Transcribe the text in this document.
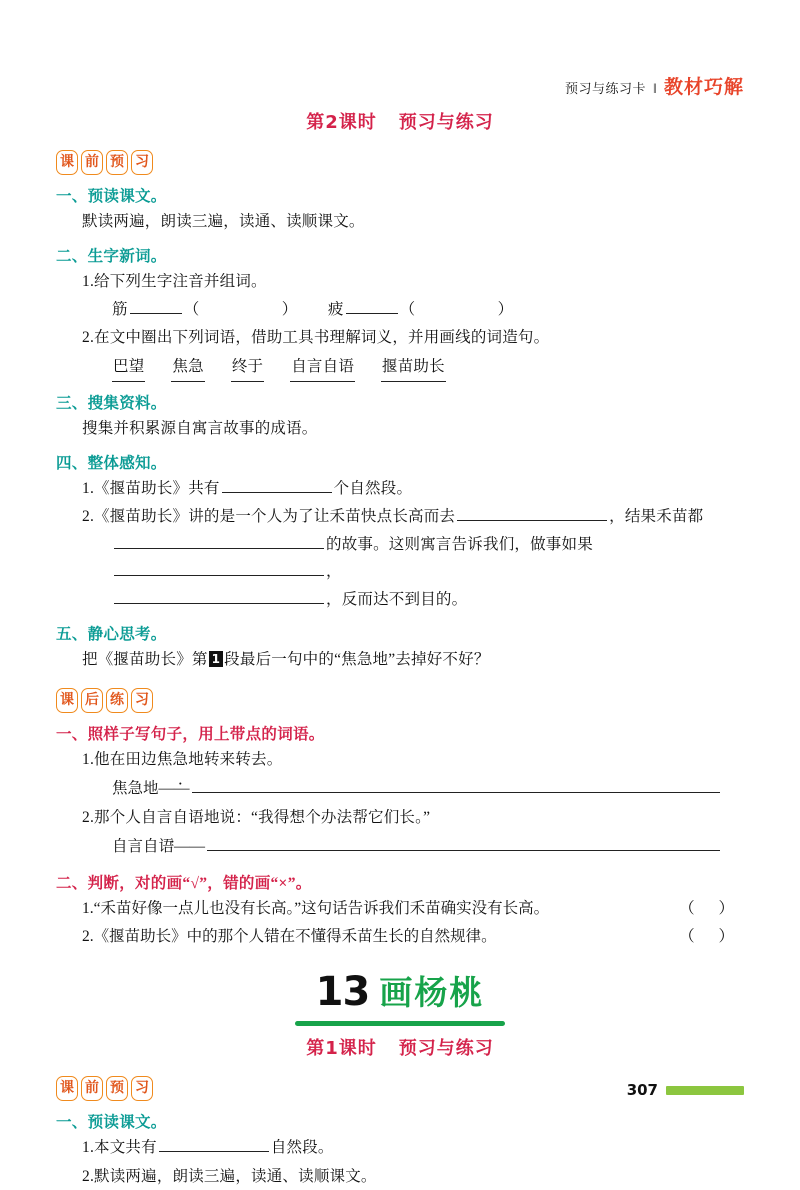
预习与练习卡 ‖ 教材巧解
第2课时 预习与练习
课 前 预 习
一、预读课文。
默读两遍，朗读三遍，读通、读顺课文。
二、生字新词。
1.给下列生字注音并组词。
筋	（	） 疲	（	）
2.在文中圈出下列词语，借助工具书理解词义，并用画线的词造句。
巴望 焦急 终于 自言自语 揠苗助长
三、搜集资料。
搜集并积累源自寓言故事的成语。
四、整体感知。
1.《揠苗助长》共有	个自然段。
2.《揠苗助长》讲的是一个人为了让禾苗快点长高而去	，结果禾苗都
的故事。这则寓言告诉我们，做事如果，
，反而达不到目的。
五、静心思考。
把《揠苗助长》第 1 段最后一句中的“焦急地”去掉好不好？
课 后 练 习
一、照样子写句子，用上带点的词语。
1.他在田边焦急地转来转去。
焦急地——
2.那个人自言自语地说：“我得想个办法帮它们长。”
自言自语——
二、判断，对的画“√”，错的画“×”。
1.“禾苗好像一点儿也没有长高。”这句话告诉我们禾苗确实没有长高。	（ ）
2.《揠苗助长》中的那个人错在不懂得禾苗生长的自然规律。	（ ）
13 画杨桃
第1课时 预习与练习
课 前 预 习
一、预读课文。
1.本文共有	自然段。
2.默读两遍，朗读三遍，读通、读顺课文。
307
